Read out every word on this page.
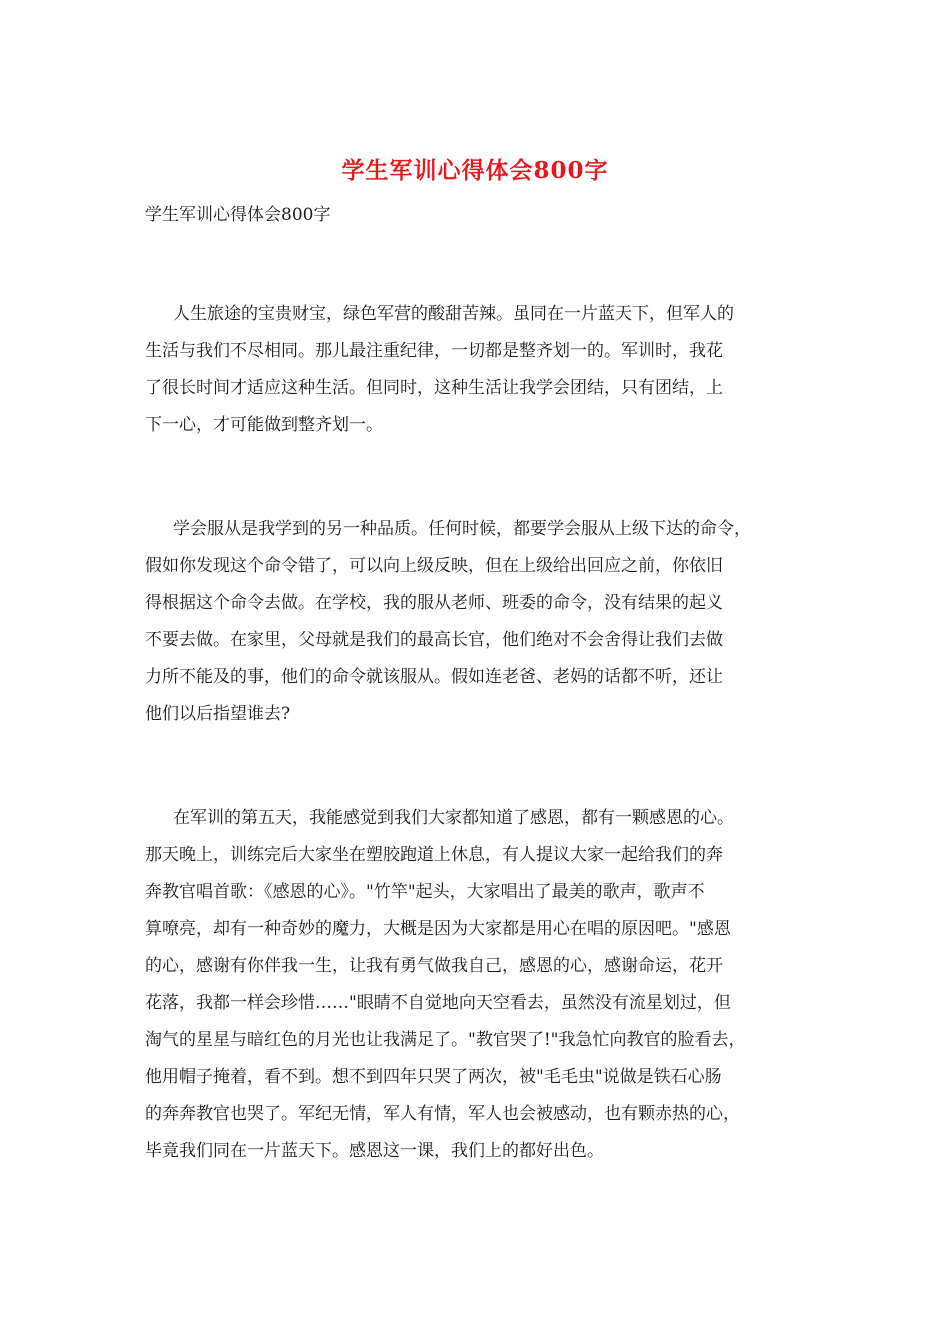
学生军训心得体会800字

学生军训心得体会800字

人生旅途的宝贵财宝，绿色军营的酸甜苦辣。虽同在一片蓝天下，但军人的
生活与我们不尽相同。那儿最注重纪律，一切都是整齐划一的。军训时，我花
了很长时间才适应这种生活。但同时，这种生活让我学会团结，只有团结，上
下一心，才可能做到整齐划一。
学会服从是我学到的另一种品质。任何时候，都要学会服从上级下达的命令，
假如你发现这个命令错了，可以向上级反映，但在上级给出回应之前，你依旧
得根据这个命令去做。在学校，我的服从老师、班委的命令，没有结果的起义
不要去做。在家里，父母就是我们的最高长官，他们绝对不会舍得让我们去做
力所不能及的事，他们的命令就该服从。假如连老爸、老妈的话都不听，还让
他们以后指望谁去?
在军训的第五天，我能感觉到我们大家都知道了感恩，都有一颗感恩的心。
那天晚上，训练完后大家坐在塑胶跑道上休息，有人提议大家一起给我们的奔
奔教官唱首歌：《感恩的心》。"竹竿"起头，大家唱出了最美的歌声，歌声不
算嘹亮，却有一种奇妙的魔力，大概是因为大家都是用心在唱的原因吧。"感恩
的心，感谢有你伴我一生，让我有勇气做我自己，感恩的心，感谢命运，花开
花落，我都一样会珍惜……"眼睛不自觉地向天空看去，虽然没有流星划过，但
淘气的星星与暗红色的月光也让我满足了。"教官哭了!"我急忙向教官的脸看去，
他用帽子掩着，看不到。想不到四年只哭了两次，被"毛毛虫"说做是铁石心肠
的奔奔教官也哭了。军纪无情，军人有情，军人也会被感动，也有颗赤热的心，
毕竟我们同在一片蓝天下。感恩这一课，我们上的都好出色。
